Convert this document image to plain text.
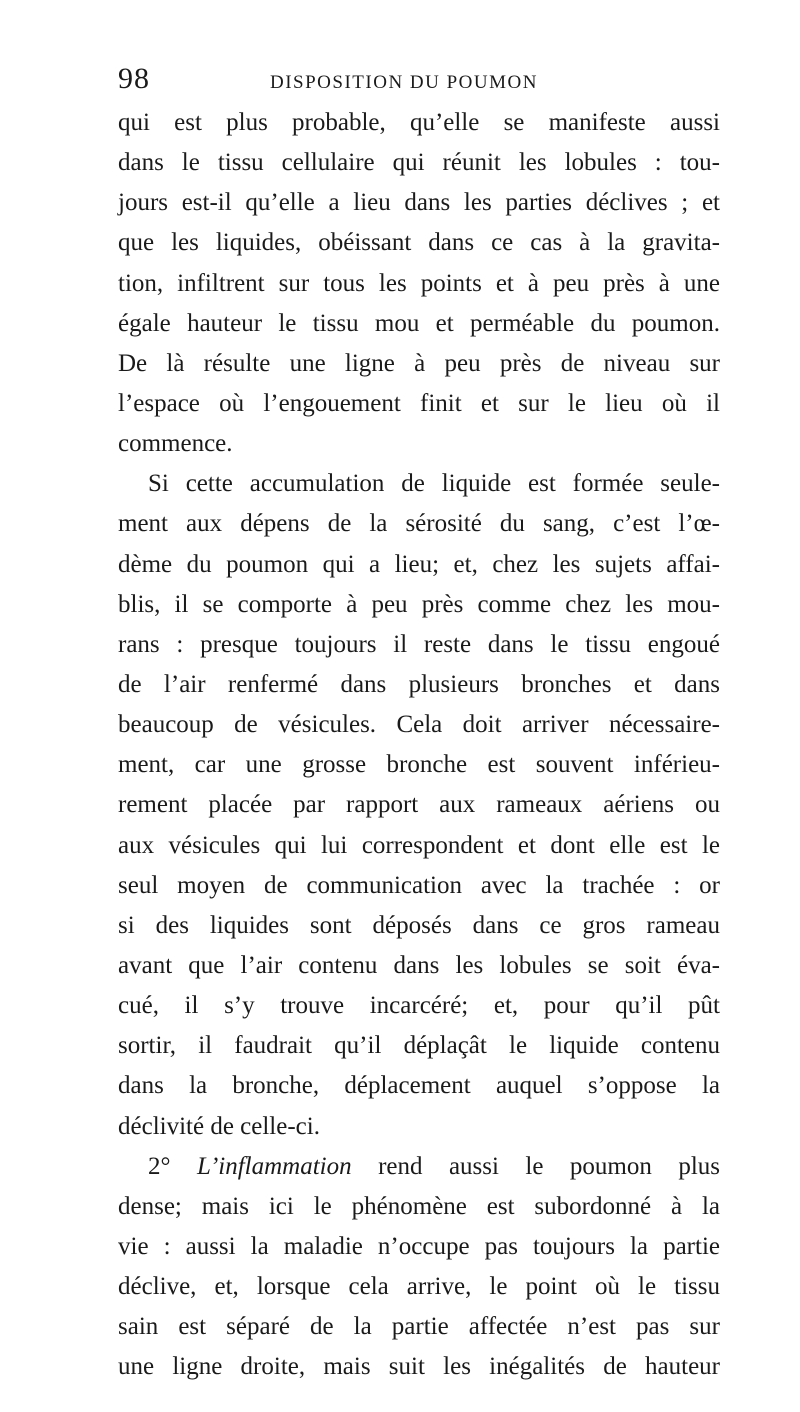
98	DISPOSITION DU POUMON
qui est plus probable, qu’elle se manifeste aussi
dans le tissu cellulaire qui réunit les lobules : tou-
jours est-il qu’elle a lieu dans les parties déclives ; et
que les liquides, obéissant dans ce cas à la gravita-
tion, infiltrent sur tous les points et à peu près à une
égale hauteur le tissu mou et perméable du poumon.
De là résulte une ligne à peu près de niveau sur
l’espace où l’engouement finit et sur le lieu où il
commence.
Si cette accumulation de liquide est formée seule-
ment aux dépens de la sérosité du sang, c’est l’œ-
dème du poumon qui a lieu; et, chez les sujets affai-
blis, il se comporte à peu près comme chez les mou-
rans : presque toujours il reste dans le tissu engoué
de l’air renfermé dans plusieurs bronches et dans
beaucoup de vésicules. Cela doit arriver nécessaire-
ment, car une grosse bronche est souvent inférieu-
rement placée par rapport aux rameaux aériens ou
aux vésicules qui lui correspondent et dont elle est le
seul moyen de communication avec la trachée : or
si des liquides sont déposés dans ce gros rameau
avant que l’air contenu dans les lobules se soit éva-
cué, il s’y trouve incarcéré; et, pour qu’il pût
sortir, il faudrait qu’il déplaçât le liquide contenu
dans la bronche, déplacement auquel s’oppose la
déclivité de celle-ci.
2° L’inflammation rend aussi le poumon plus
dense; mais ici le phénomène est subordonné à la
vie : aussi la maladie n’occupe pas toujours la partie
déclive, et, lorsque cela arrive, le point où le tissu
sain est séparé de la partie affectée n’est pas sur
une ligne droite, mais suit les inégalités de hauteur
